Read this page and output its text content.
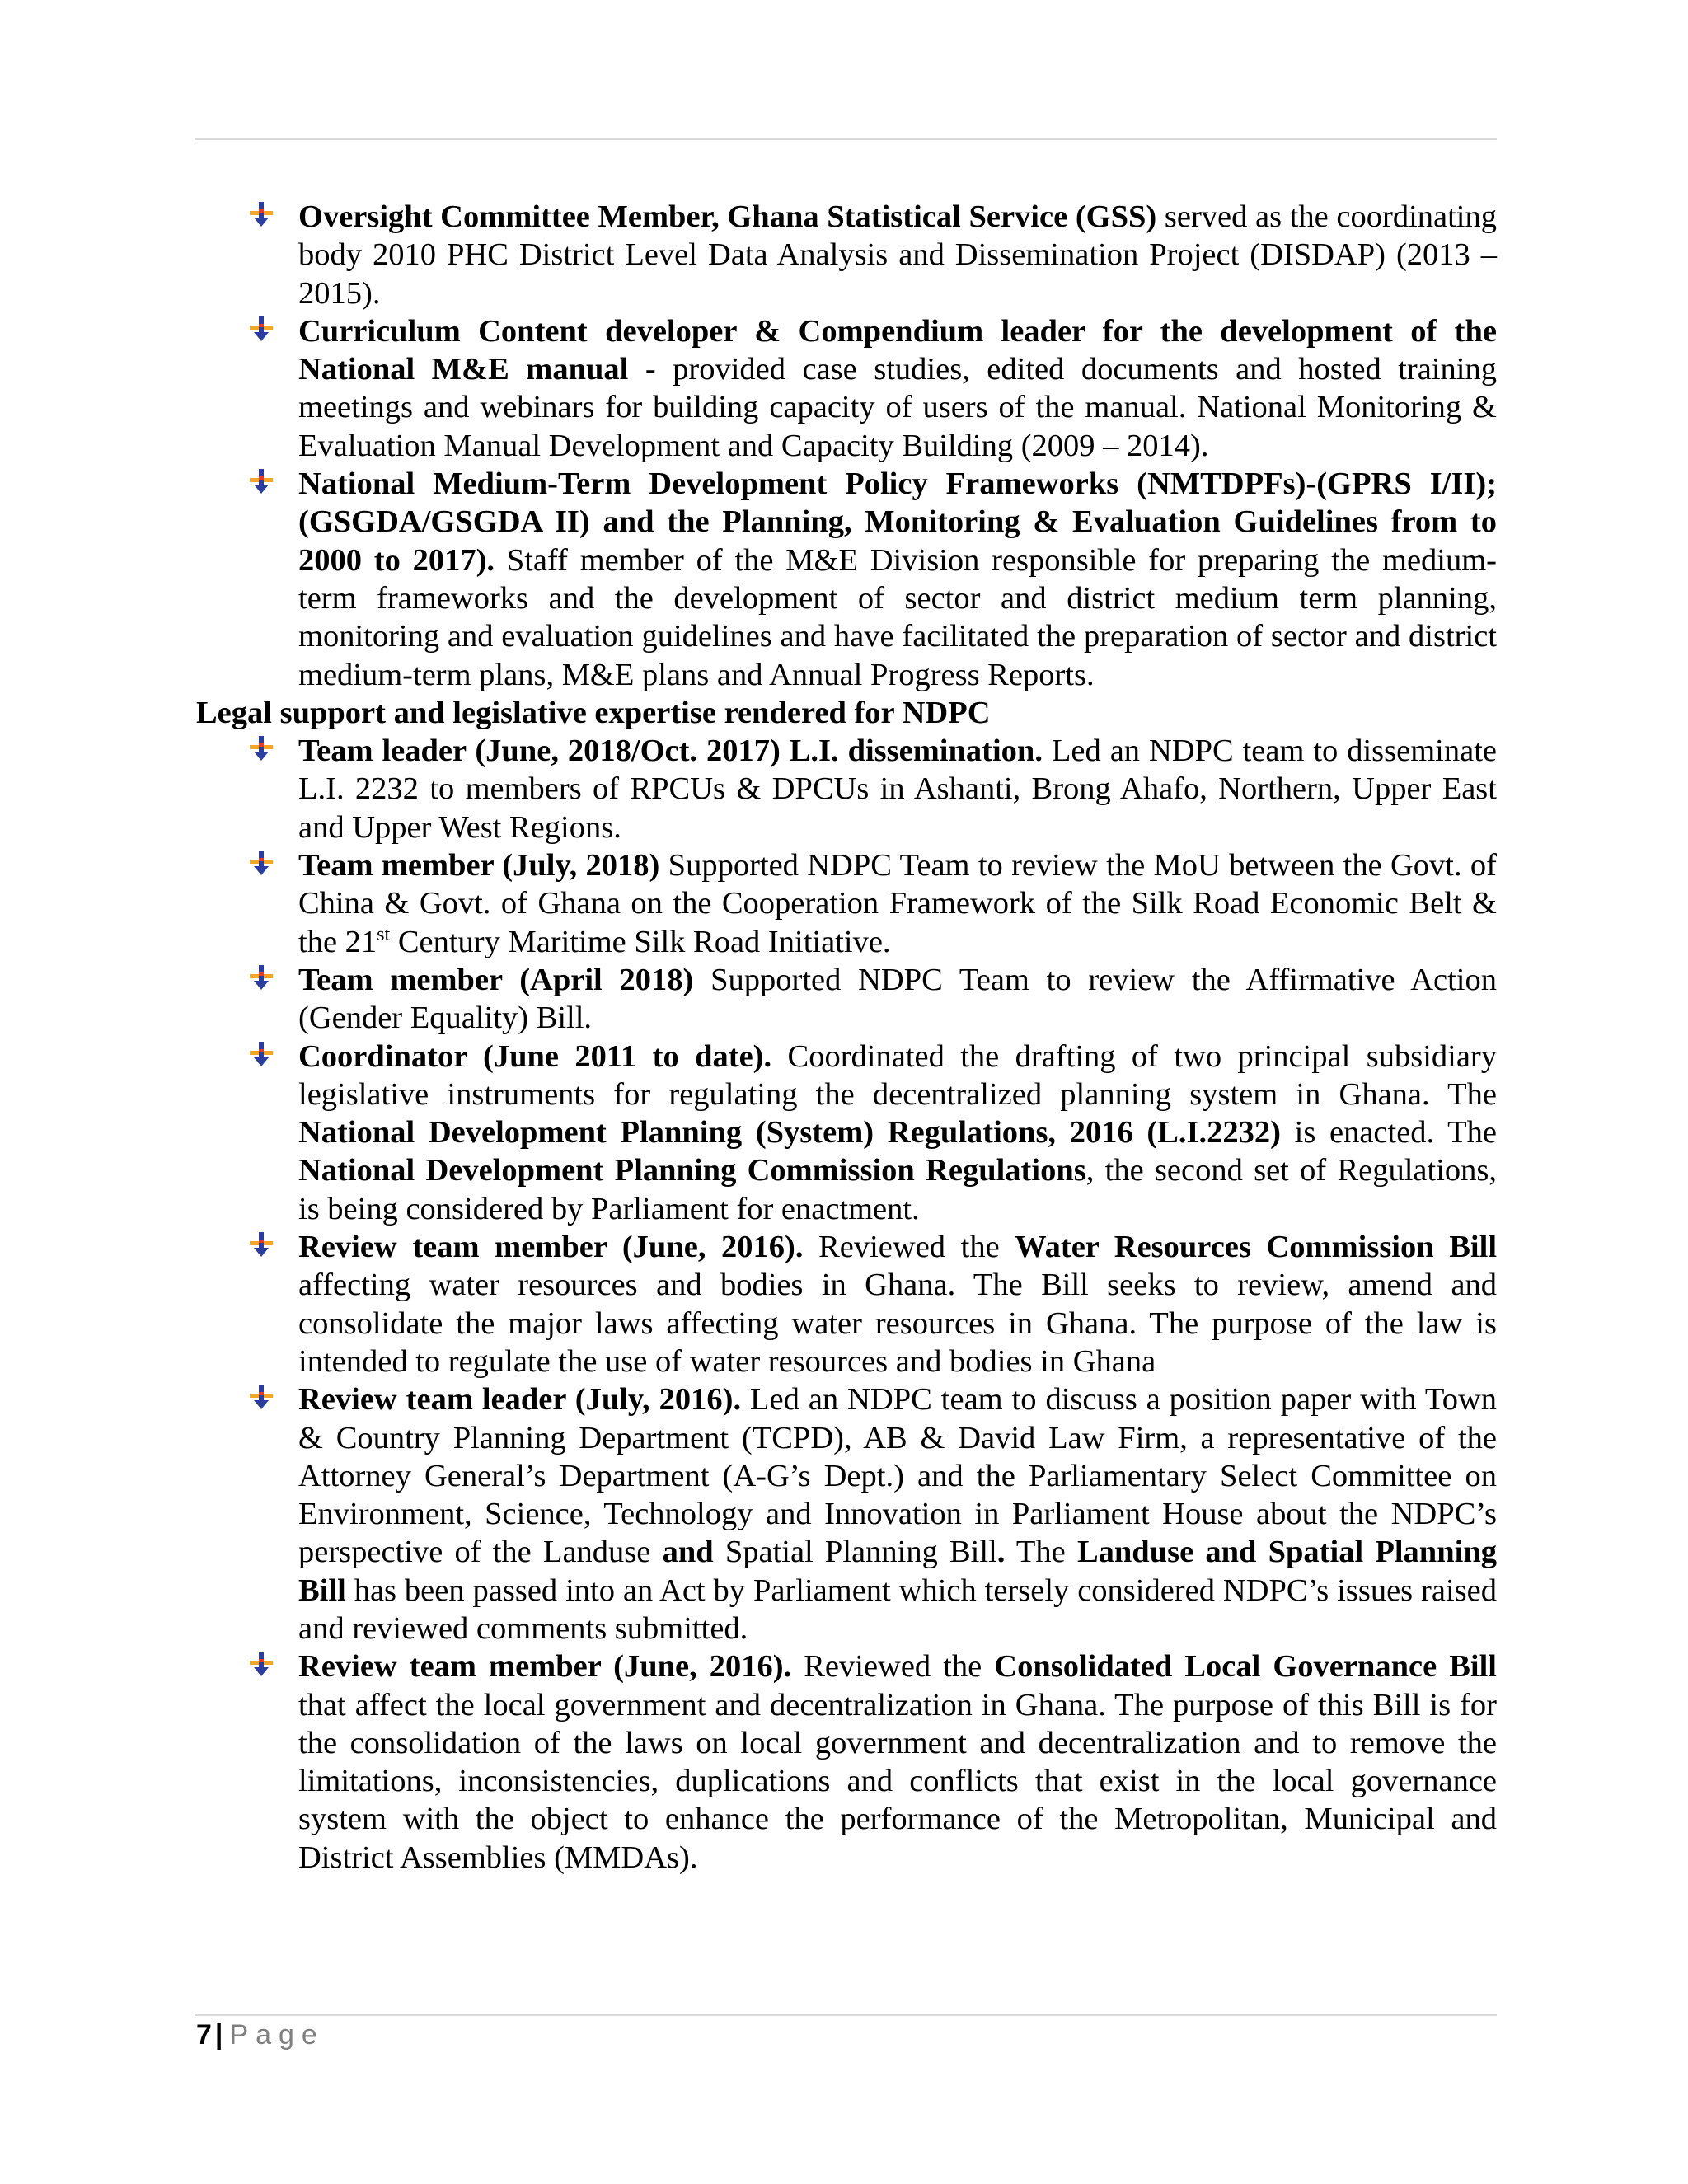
Oversight Committee Member, Ghana Statistical Service (GSS) served as the coordinating body 2010 PHC District Level Data Analysis and Dissemination Project (DISDAP) (2013 – 2015).
Curriculum Content developer & Compendium leader for the development of the National M&E manual - provided case studies, edited documents and hosted training meetings and webinars for building capacity of users of the manual. National Monitoring & Evaluation Manual Development and Capacity Building (2009 – 2014).
National Medium-Term Development Policy Frameworks (NMTDPFs)-(GPRS I/II); (GSGDA/GSGDA II) and the Planning, Monitoring & Evaluation Guidelines from to 2000 to 2017). Staff member of the M&E Division responsible for preparing the medium-term frameworks and the development of sector and district medium term planning, monitoring and evaluation guidelines and have facilitated the preparation of sector and district medium-term plans, M&E plans and Annual Progress Reports.

Legal support and legislative expertise rendered for NDPC

Team leader (June, 2018/Oct. 2017) L.I. dissemination. Led an NDPC team to disseminate L.I. 2232 to members of RPCUs & DPCUs in Ashanti, Brong Ahafo, Northern, Upper East and Upper West Regions.
Team member (July, 2018) Supported NDPC Team to review the MoU between the Govt. of China & Govt. of Ghana on the Cooperation Framework of the Silk Road Economic Belt & the 21st Century Maritime Silk Road Initiative.
Team member (April 2018) Supported NDPC Team to review the Affirmative Action (Gender Equality) Bill.
Coordinator (June 2011 to date). Coordinated the drafting of two principal subsidiary legislative instruments for regulating the decentralized planning system in Ghana. The National Development Planning (System) Regulations, 2016 (L.I.2232) is enacted. The National Development Planning Commission Regulations, the second set of Regulations, is being considered by Parliament for enactment.
Review team member (June, 2016). Reviewed the Water Resources Commission Bill affecting water resources and bodies in Ghana. The Bill seeks to review, amend and consolidate the major laws affecting water resources in Ghana. The purpose of the law is intended to regulate the use of water resources and bodies in Ghana
Review team leader (July, 2016). Led an NDPC team to discuss a position paper with Town & Country Planning Department (TCPD), AB & David Law Firm, a representative of the Attorney General’s Department (A-G’s Dept.) and the Parliamentary Select Committee on Environment, Science, Technology and Innovation in Parliament House about the NDPC’s perspective of the Landuse and Spatial Planning Bill. The Landuse and Spatial Planning Bill has been passed into an Act by Parliament which tersely considered NDPC’s issues raised and reviewed comments submitted.
Review team member (June, 2016). Reviewed the Consolidated Local Governance Bill that affect the local government and decentralization in Ghana. The purpose of this Bill is for the consolidation of the laws on local government and decentralization and to remove the limitations, inconsistencies, duplications and conflicts that exist in the local governance system with the object to enhance the performance of the Metropolitan, Municipal and District Assemblies (MMDAs).
7 | Page
